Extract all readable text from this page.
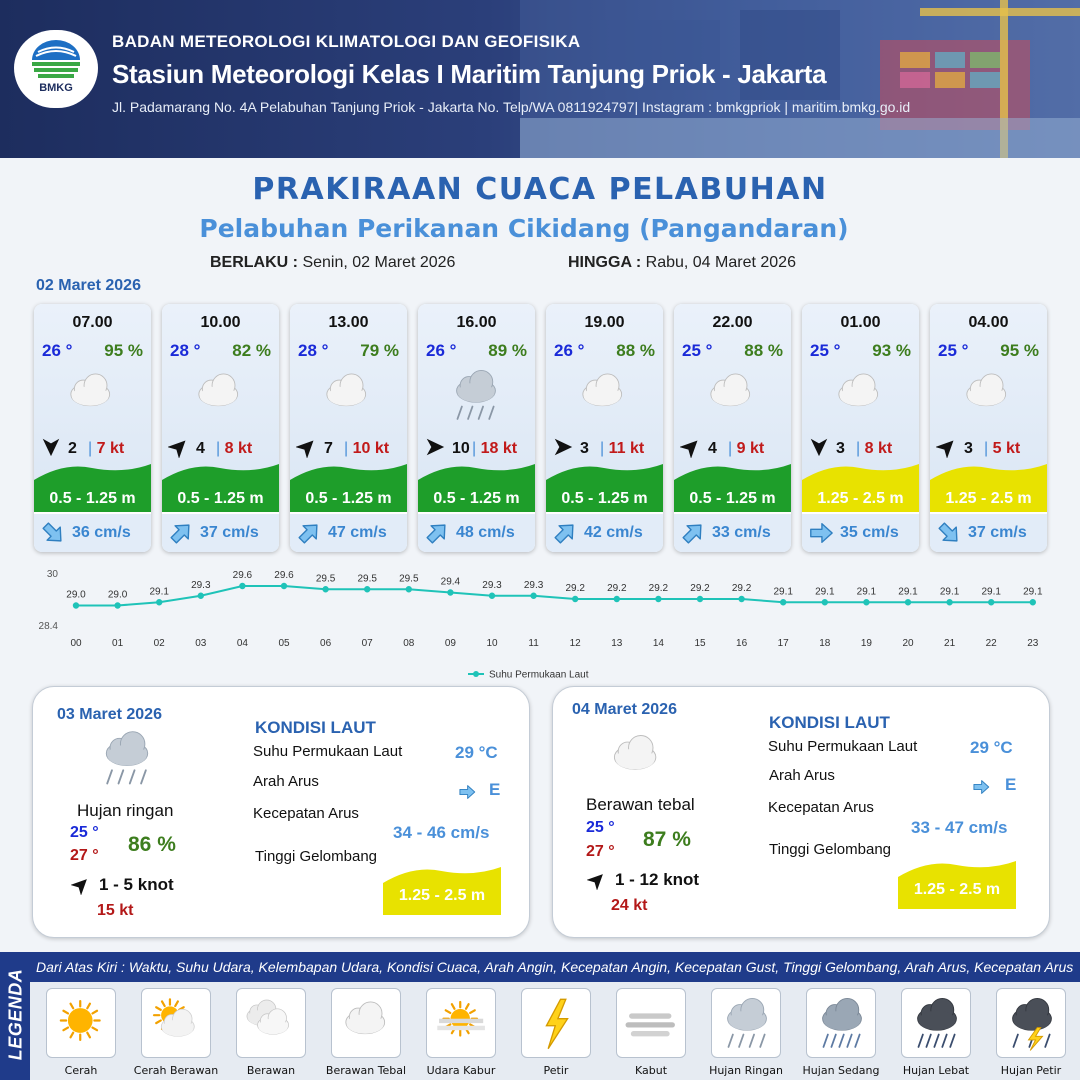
BMKG
BADAN METEOROLOGI KLIMATOLOGI DAN GEOFISIKA
Stasiun Meteorologi Kelas I Maritim Tanjung Priok - Jakarta
Jl. Padamarang No. 4A Pelabuhan Tanjung Priok - Jakarta No. Telp/WA 0811924797| Instagram : bmkgpriok | maritim.bmkg.go.id
PRAKIRAAN CUACA PELABUHAN
Pelabuhan Perikanan Cikidang (Pangandaran)
BERLAKU : Senin, 02 Maret 2026	HINGGA : Rabu, 04 Maret 2026
02 Maret 2026
07.00
26 ° 95 %
2 | 7 kt
0.5 - 1.25 m
36 cm/s
10.00
28 ° 82 %
4 | 8 kt
0.5 - 1.25 m
37 cm/s
13.00
28 ° 79 %
7 | 10 kt
0.5 - 1.25 m
47 cm/s
16.00
26 ° 89 %
10 | 18 kt
0.5 - 1.25 m
48 cm/s
19.00
26 ° 88 %
3 | 11 kt
0.5 - 1.25 m
42 cm/s
22.00
25 ° 88 %
4 | 9 kt
0.5 - 1.25 m
33 cm/s
01.00
25 ° 93 %
3 | 8 kt
1.25 - 2.5 m
35 cm/s
04.00
25 ° 95 %
3 | 5 kt
1.25 - 2.5 m
37 cm/s
30
28.4
29.0
00
29.0
01
29.1
02
29.3
03
29.6
04
29.6
05
29.5
06
29.5
07
29.5
08
29.4
09
29.3
10
29.3
11
29.2
12
29.2
13
29.2
14
29.2
15
29.2
16
29.1
17
29.1
18
29.1
19
29.1
20
29.1
21
29.1
22
29.1
23
Suhu Permukaan Laut
03 Maret 2026
Hujan ringan
25 °
27 ° 86 %
1 - 5 knot
15 kt
KONDISI LAUT
Suhu Permukaan Laut	29 °C
Arah Arus	E
Kecepatan Arus
34 - 46 cm/s
Tinggi Gelombang
1.25 - 2.5 m
04 Maret 2026
Berawan tebal
25 °
27 °
87 %
1 - 12 knot
24 kt
KONDISI LAUT
Suhu Permukaan Laut	29 °C
Arah Arus	E
Kecepatan Arus
33 - 47 cm/s
Tinggi Gelombang
1.25 - 2.5 m
LEGENDA
Dari Atas Kiri : Waktu, Suhu Udara, Kelembapan Udara, Kondisi Cuaca, Arah Angin, Kecepatan Angin, Kecepatan Gust, Tinggi Gelombang, Arah Arus, Kecepatan Arus
Cerah	Cerah Berawan	Berawan	Berawan Tebal	Udara Kabur	Petir	Kabut	Hujan Ringan	Hujan Sedang	Hujan Lebat	Hujan Petir
